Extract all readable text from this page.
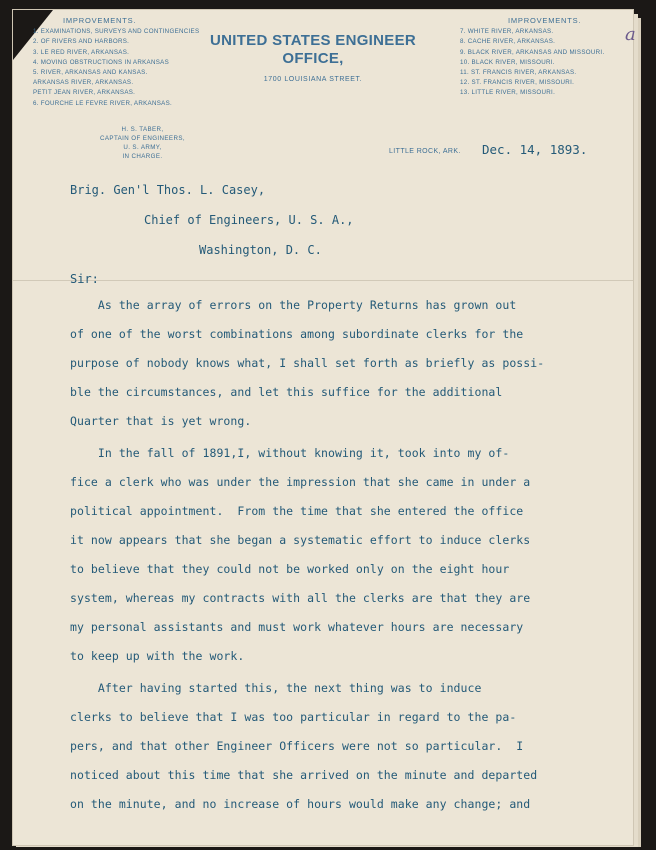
IMPROVEMENTS.
1. EXAMINATIONS, SURVEYS AND CONTINGENCIES
2. OF RIVERS AND HARBORS.
3. LE RED RIVER, ARKANSAS.
4. MOVING OBSTRUCTIONS IN ARKANSAS
5. RIVER, ARKANSAS AND KANSAS.
ARKANSAS RIVER, ARKANSAS.
PETIT JEAN RIVER, ARKANSAS.
6. FOURCHE LE FEVRE RIVER, ARKANSAS.
UNITED STATES ENGINEER
OFFICE,
1700 LOUISIANA STREET.
IMPROVEMENTS.
7. WHITE RIVER, ARKANSAS.
8. CACHE RIVER, ARKANSAS.
9. BLACK RIVER, ARKANSAS AND MISSOURI.
10. BLACK RIVER, MISSOURI.
11. ST. FRANCIS RIVER, ARKANSAS.
12. ST. FRANCIS RIVER, MISSOURI.
13. LITTLE RIVER, MISSOURI.
a
H. S. TABER,
CAPTAIN OF ENGINEERS,
U. S. ARMY,
IN CHARGE.
LITTLE ROCK, ARK. Dec. 14, 1893.
Brig. Gen'l Thos. L. Casey,
Chief of Engineers, U. S. A.,
Washington, D. C.
Sir:
As the array of errors on the Property Returns has grown out
of one of the worst combinations among subordinate clerks for the
purpose of nobody knows what, I shall set forth as briefly as possi-
ble the circumstances, and let this suffice for the additional
Quarter that is yet wrong.
In the fall of 1891,I, without knowing it, took into my of-
fice a clerk who was under the impression that she came in under a
political appointment.  From the time that she entered the office
it now appears that she began a systematic effort to induce clerks
to believe that they could not be worked only on the eight hour
system, whereas my contracts with all the clerks are that they are
my personal assistants and must work whatever hours are necessary
to keep up with the work.
After having started this, the next thing was to induce
clerks to believe that I was too particular in regard to the pa-
pers, and that other Engineer Officers were not so particular.  I
noticed about this time that she arrived on the minute and departed
on the minute, and no increase of hours would make any change; and
